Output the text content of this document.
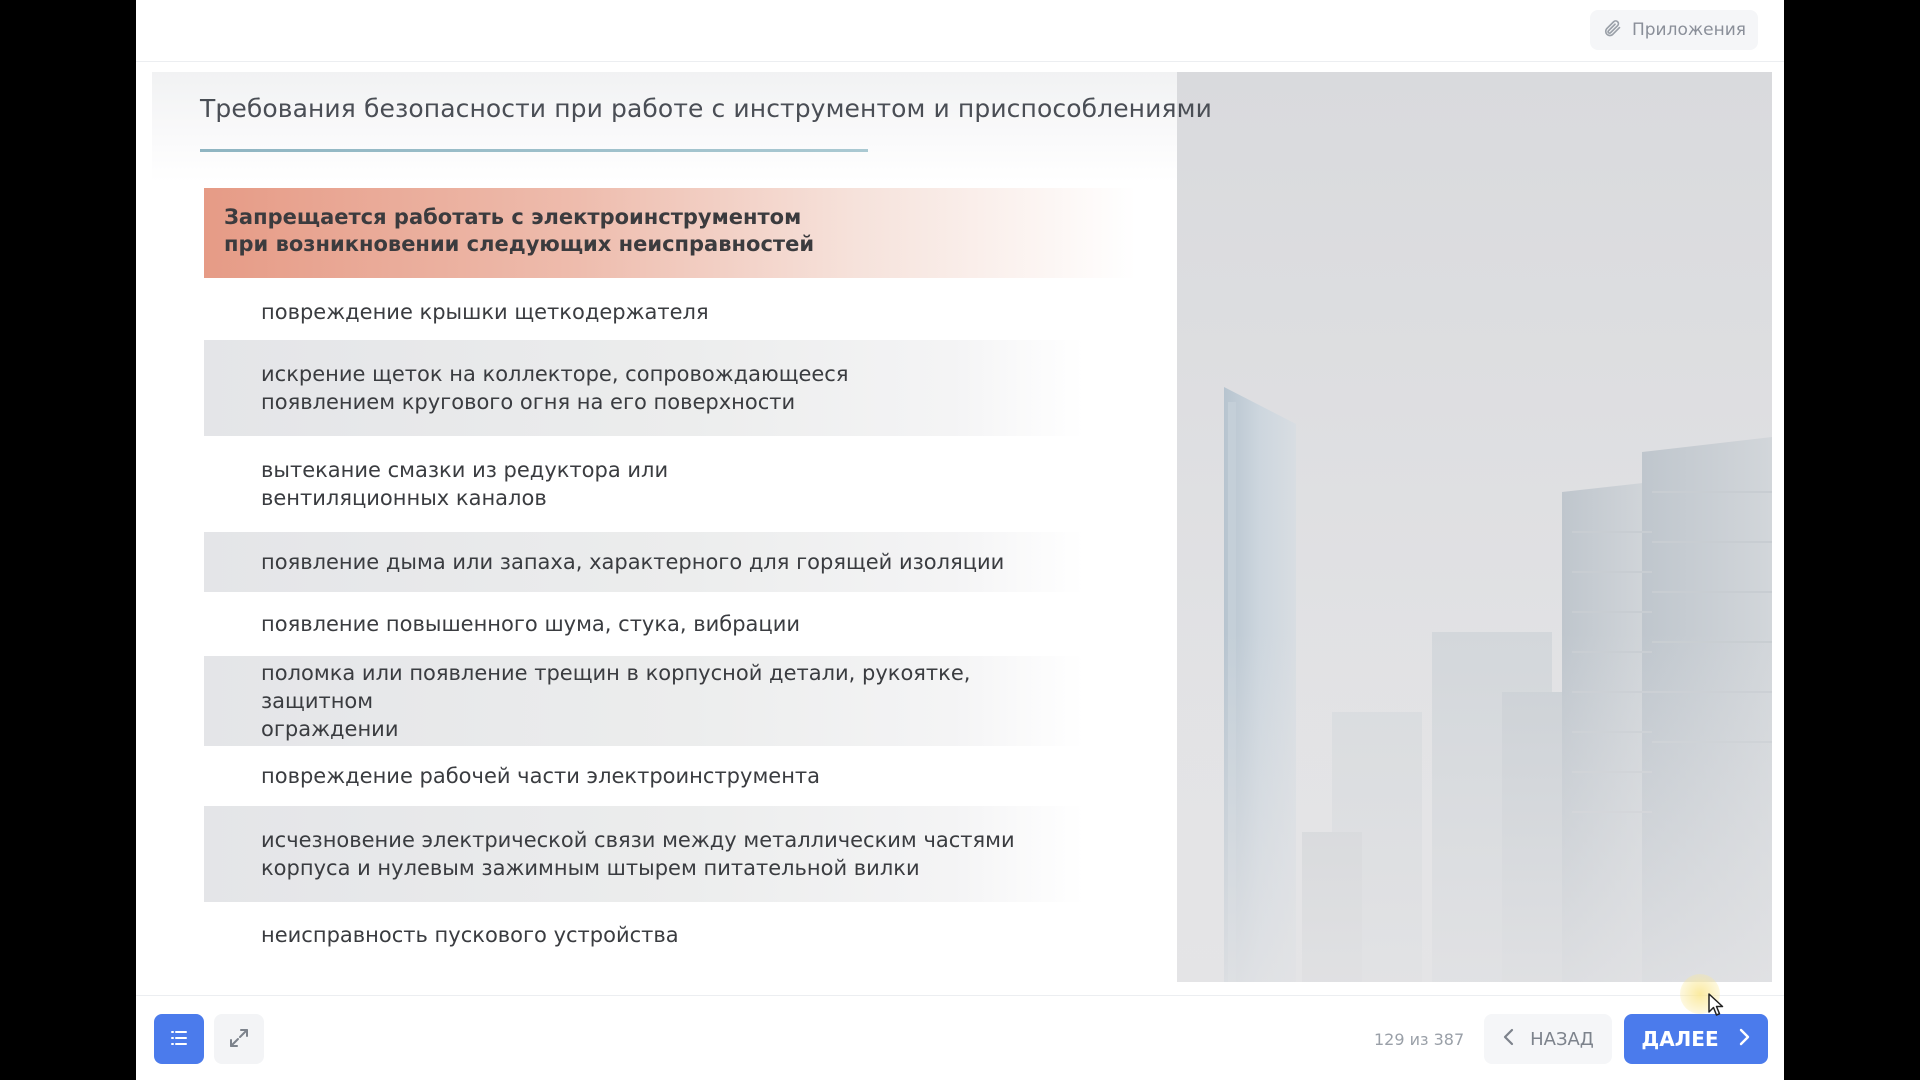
Приложения
Требования безопасности при работе с инструментом и приспособлениями
Запрещается работать с электроинструментом
при возникновении следующих неисправностей
повреждение крышки щеткодержателя
искрение щеток на коллекторе, сопровождающееся
появлением кругового огня на его поверхности
вытекание смазки из редуктора или
вентиляционных каналов
появление дыма или запаха, характерного для горящей изоляции
появление повышенного шума, стука, вибрации
поломка или появление трещин в корпусной детали, рукоятке, защитном
ограждении
повреждение рабочей части электроинструмента
исчезновение электрической связи между металлическим частями
корпуса и нулевым зажимным штырем питательной вилки
неисправность пускового устройства
129 из 387	НАЗАД ДАЛЕЕ
